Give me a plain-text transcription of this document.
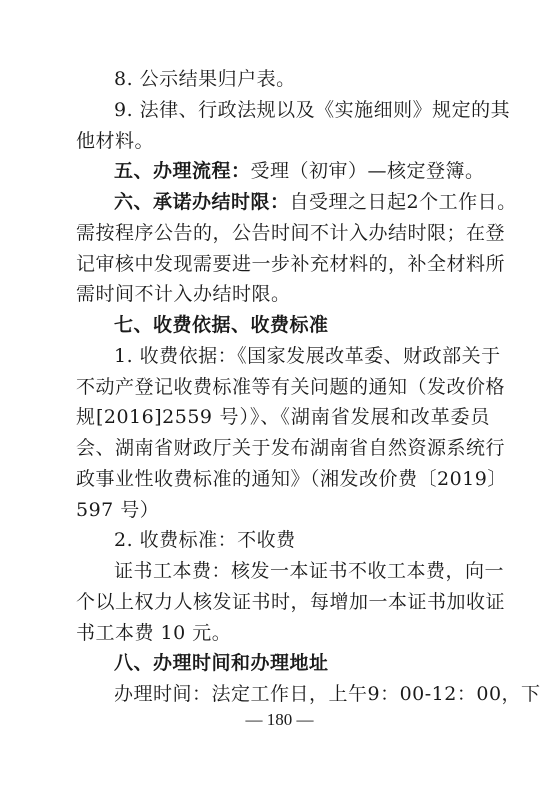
8. 公示结果归户表。
9. 法律、行政法规以及《实施细则》规定的其
他材料。
五、办理流程：受理（初审）—核定登簿。
六、承诺办结时限：自受理之日起2个工作日。
需按程序公告的，公告时间不计入办结时限；在登
记审核中发现需要进一步补充材料的，补全材料所
需时间不计入办结时限。
七、收费依据、收费标准
1. 收费依据：《国家发展改革委、财政部关于
不动产登记收费标准等有关问题的通知（发改价格
规[2016]2559 号）》、《湖南省发展和改革委员
会、湖南省财政厅关于发布湖南省自然资源系统行
政事业性收费标准的通知》（湘发改价费〔2019〕
597 号）
2. 收费标准：不收费
证书工本费：核发一本证书不收工本费，向一
个以上权力人核发证书时，每增加一本证书加收证
书工本费 10 元。
八、办理时间和办理地址
办理时间：法定工作日，上午9：00-12：00，下
— 180 —
